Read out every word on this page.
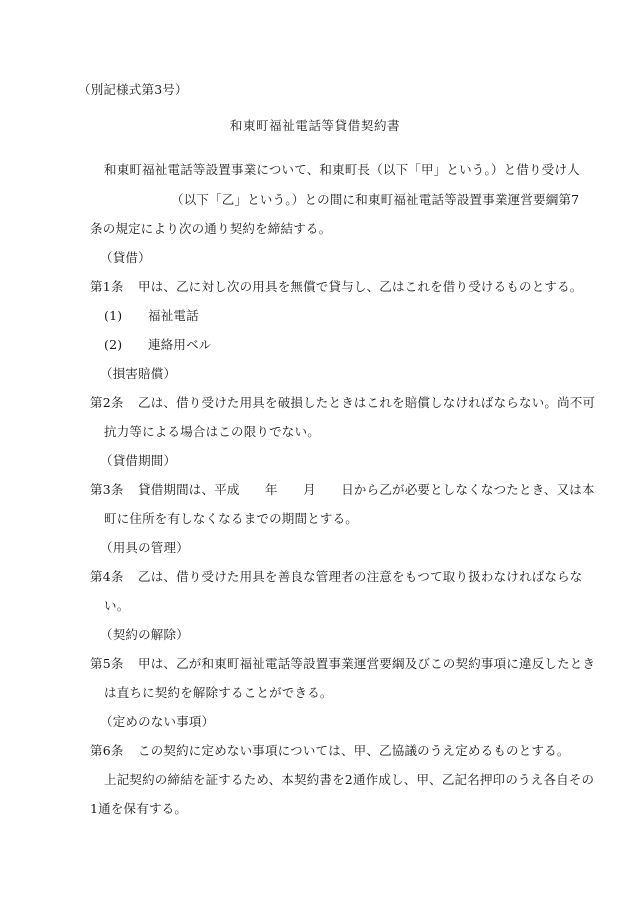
（別記様式第3号）
和東町福祉電話等貸借契約書
和東町福祉電話等設置事業について、和東町長（以下「甲」という。）と借り受け人
（以下「乙」という。）との間に和東町福祉電話等設置事業運営要綱第7
条の規定により次の通り契約を締結する。
（貸借）
第1条 甲は、乙に対し次の用具を無償で貸与し、乙はこれを借り受けるものとする。
(1) 福祉電話
(2) 連絡用ベル
（損害賠償）
第2条 乙は、借り受けた用具を破損したときはこれを賠償しなければならない。尚不可
抗力等による場合はこの限りでない。
（貸借期間）
第3条 貸借期間は、平成　　年　　月　　日から乙が必要としなくなつたとき、又は本
町に住所を有しなくなるまでの期間とする。
（用具の管理）
第4条 乙は、借り受けた用具を善良な管理者の注意をもつて取り扱わなければならな
い。
（契約の解除）
第5条 甲は、乙が和東町福祉電話等設置事業運営要綱及びこの契約事項に違反したとき
は直ちに契約を解除することができる。
（定めのない事項）
第6条 この契約に定めない事項については、甲、乙協議のうえ定めるものとする。
上記契約の締結を証するため、本契約書を2通作成し、甲、乙記名押印のうえ各自その
1通を保有する。
